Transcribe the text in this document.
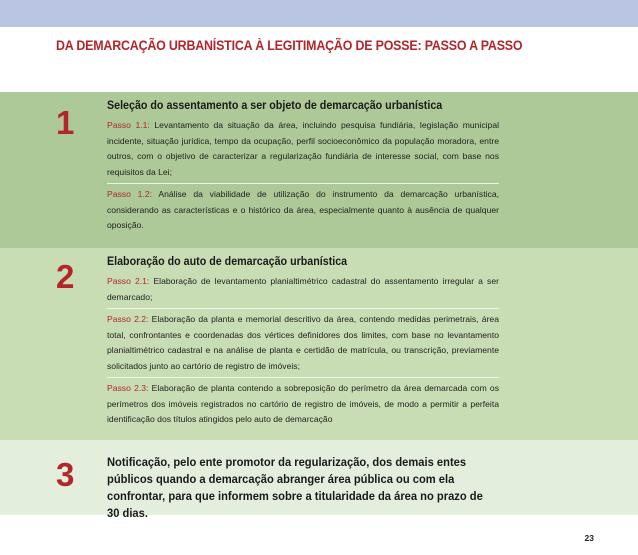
DA DEMARCAÇÃO URBANÍSTICA À LEGITIMAÇÃO DE POSSE: PASSO A PASSO
1	Seleção do assentamento a ser objeto de demarcação urbanística

Passo 1.1: Levantamento da situação da área, incluindo pesquisa fundiária, legislação municipal incidente, situação jurídica, tempo da ocupação, perfil socioeconômico da população moradora, entre outros, com o objetivo de caracterizar a regularização fundiária de interesse social, com base nos requisitos da Lei;

Passo 1.2: Análise da viabilidade de utilização do instrumento da demarcação urbanística, considerando as características e o histórico da área, especialmente quanto à ausência de qualquer oposição.

2	Elaboração do auto de demarcação urbanística

Passo 2.1: Elaboração de levantamento planialtimétrico cadastral do assentamento irregular a ser demarcado;

Passo 2.2: Elaboração da planta e memorial descritivo da área, contendo medidas perimetrais, área total, confrontantes e coordenadas dos vértices definidores dos limites, com base no levantamento planialtimétrico cadastral e na análise de planta e certidão de matrícula, ou transcrição, previamente solicitados junto ao cartório de registro de imóveis;

Passo 2.3: Elaboração de planta contendo a sobreposição do perímetro da área demarcada com os perímetros dos imóveis registrados no cartório de registro de imóveis, de modo a permitir a perfeita identificação dos títulos atingidos pelo auto de demarcação

3	Notificação, pelo ente promotor da regularização, dos demais entes públicos quando a demarcação abranger área pública ou com ela confrontar, para que informem sobre a titularidade da área no prazo de 30 dias.
23
